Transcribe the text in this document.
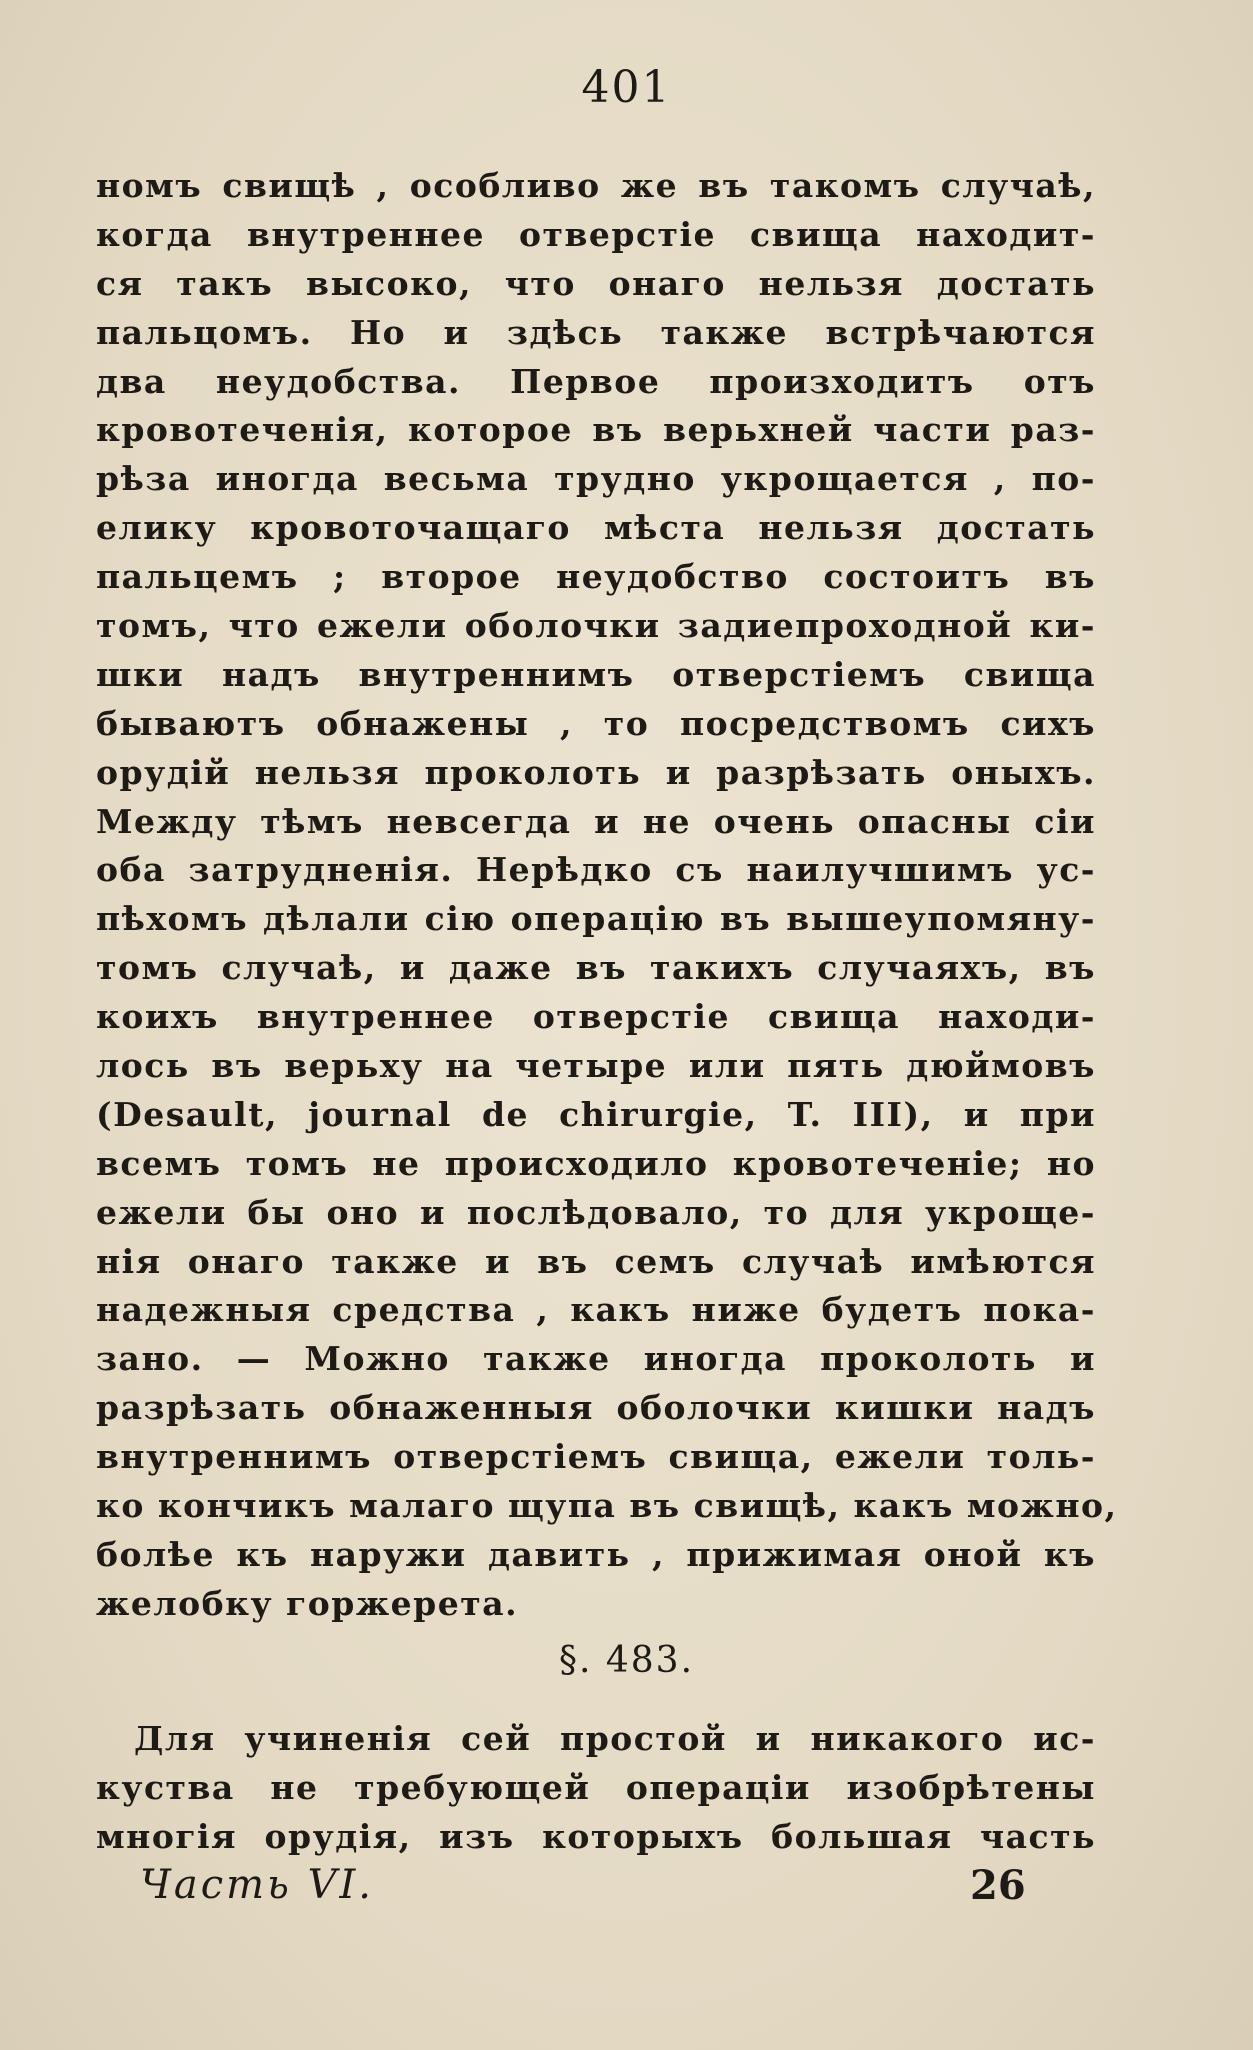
401
номъ свищѣ , особливо же въ такомъ случаѣ,
когда внутреннее отверстiе свища находит-
ся такъ высоко, что онаго нельзя достать
пальцомъ. Но и здѣсь также встрѣчаются
два неудобства. Первое произходитъ отъ
кровотеченiя, которое въ верьхней части раз-
рѣза иногда весьма трудно укрощается , по-
елику кровоточащаго мѣста нельзя достать
пальцемъ ; второе неудобство состоитъ въ
томъ, что ежели оболочки задиепроходной ки-
шки надъ внутреннимъ отверстiемъ свища
бываютъ обнажены , то посредствомъ сихъ
орудiй нельзя проколоть и разрѣзать оныхъ.
Между тѣмъ невсегда и не очень опасны сiи
оба затрудненiя. Нерѣдко съ наилучшимъ ус-
пѣхомъ дѣлали сiю операцiю въ вышеупомяну-
томъ случаѣ, и даже въ такихъ случаяхъ, въ
коихъ внутреннее отверстiе свища находи-
лось въ верьху на четыре или пять дюймовъ
(Desault, journal de chirurgie, T. III), и при
всемъ томъ не происходило кровотеченiе; но
ежели бы оно и послѣдовало, то для укроще-
нiя онаго также и въ семъ случаѣ имѣются
надежныя средства , какъ ниже будетъ пока-
зано. — Можно также иногда проколоть и
разрѣзать обнаженныя оболочки кишки надъ
внутреннимъ отверстiемъ свища, ежели толь-
ко кончикъ малаго щупа въ свищѣ, какъ можно,
болѣе къ наружи давить , прижимая оной къ
желобку горжерета.
§. 483.
Для учиненiя сей простой и никакого ис-
куства не требующей операцiи изобрѣтены
многiя орудiя, изъ которыхъ большая часть
Часть VI.	26
